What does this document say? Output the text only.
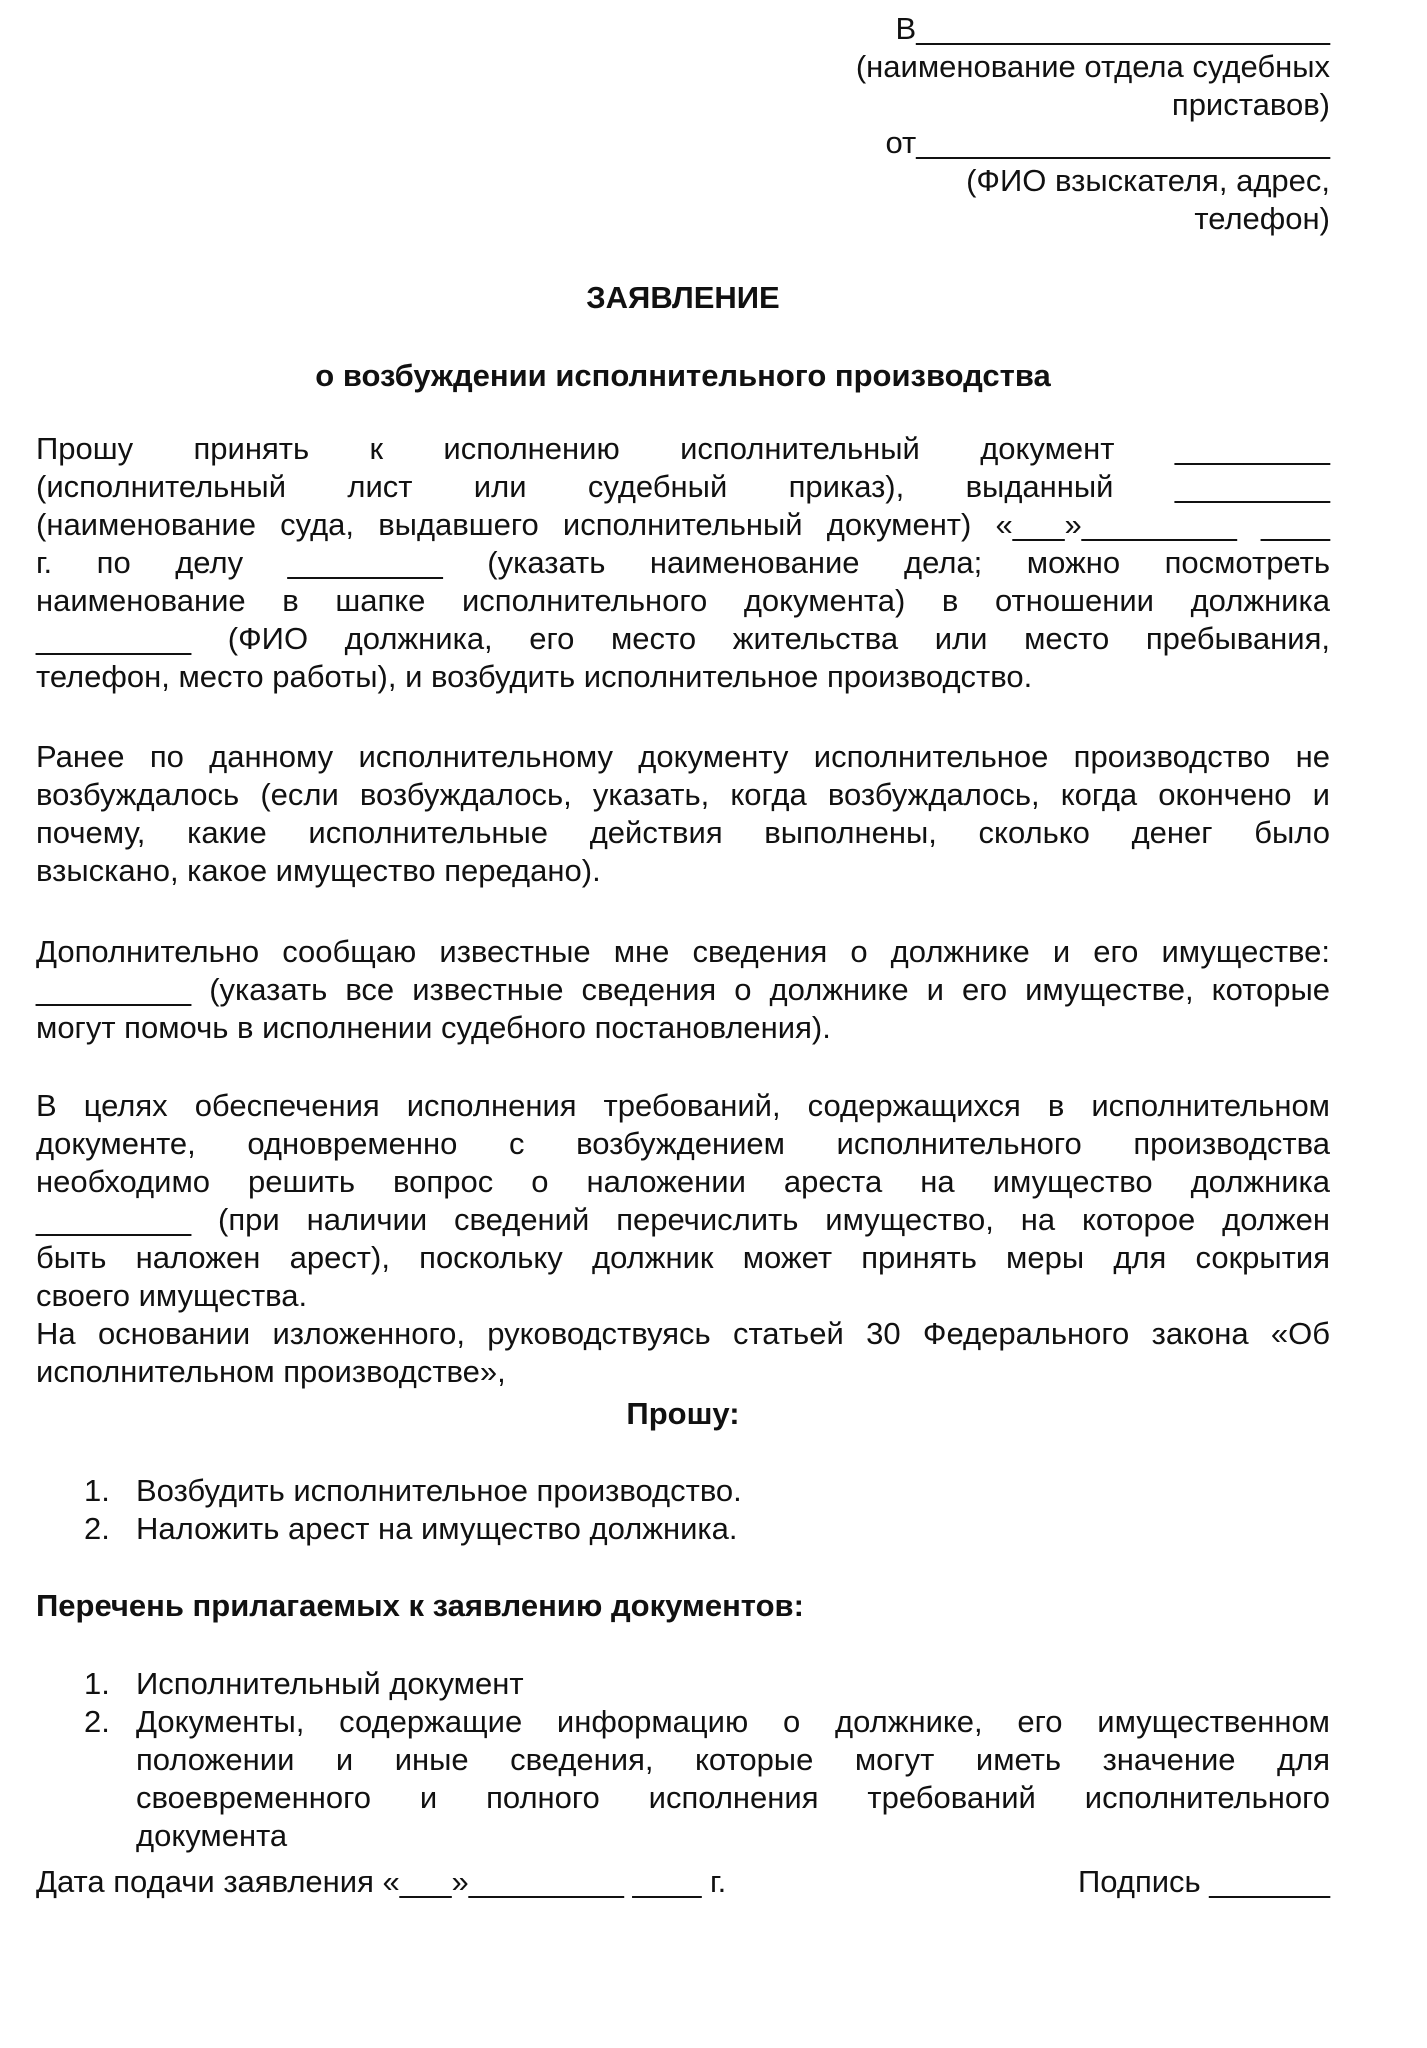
В________________________
(наименование отдела судебных
приставов)
от________________________
(ФИО взыскателя, адрес,
телефон)
ЗАЯВЛЕНИЕ
о возбуждении исполнительного производства
Прошу принять к исполнению исполнительный документ _________
(исполнительный лист или судебный приказ), выданный _________
(наименование суда, выдавшего исполнительный документ) «___»_________ ____
г. по делу _________ (указать наименование дела; можно посмотреть
наименование в шапке исполнительного документа) в отношении должника
_________ (ФИО должника, его место жительства или место пребывания,
телефон, место работы), и возбудить исполнительное производство.
Ранее по данному исполнительному документу исполнительное производство не
возбуждалось (если возбуждалось, указать, когда возбуждалось, когда окончено и
почему, какие исполнительные действия выполнены, сколько денег было
взыскано, какое имущество передано).
Дополнительно сообщаю известные мне сведения о должнике и его имуществе:
_________ (указать все известные сведения о должнике и его имуществе, которые
могут помочь в исполнении судебного постановления).
В целях обеспечения исполнения требований, содержащихся в исполнительном
документе, одновременно с возбуждением исполнительного производства
необходимо решить вопрос о наложении ареста на имущество должника
_________ (при наличии сведений перечислить имущество, на которое должен
быть наложен арест), поскольку должник может принять меры для сокрытия
своего имущества.
На основании изложенного, руководствуясь статьей 30 Федерального закона «Об
исполнительном производстве»,
Прошу:
1. Возбудить исполнительное производство.
2. Наложить арест на имущество должника.
Перечень прилагаемых к заявлению документов:
1. Исполнительный документ
2. Документы, содержащие информацию о должнике, его имущественном
положении и иные сведения, которые могут иметь значение для
своевременного и полного исполнения требований исполнительного
документа
Дата подачи заявления «___»_________ ____ г.	Подпись _______
